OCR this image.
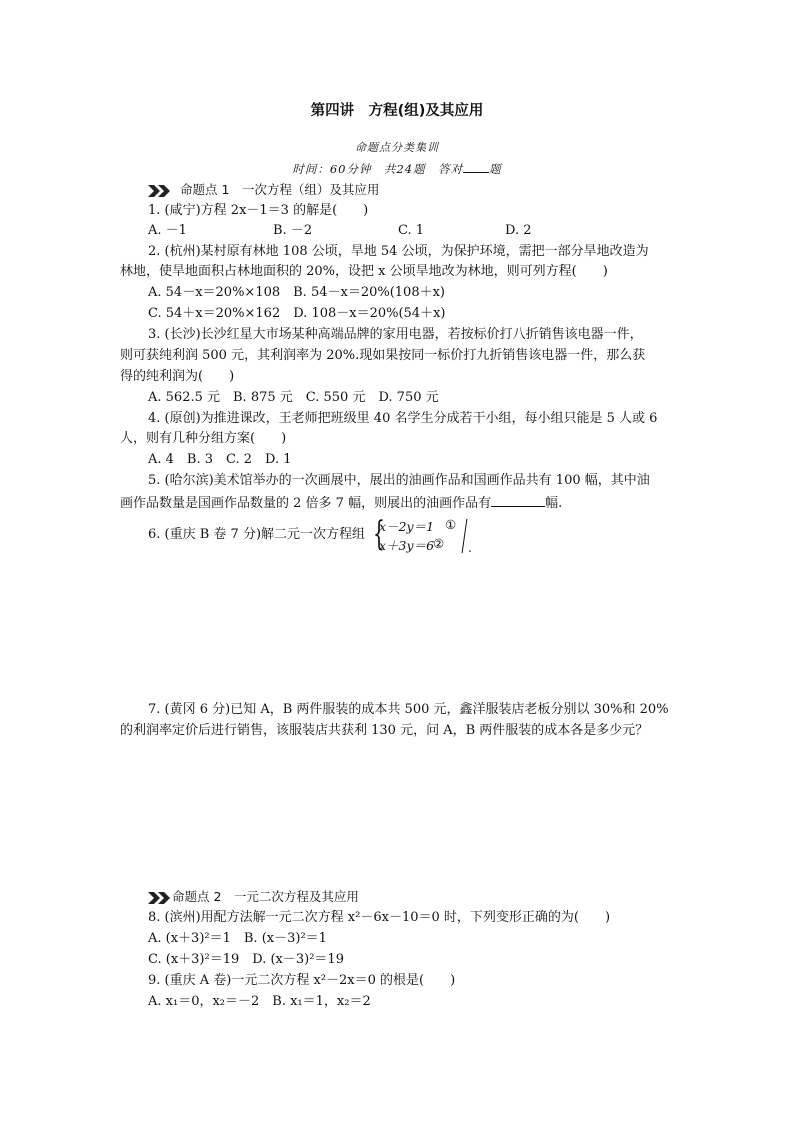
第四讲　方程(组)及其应用
命题点分类集训
时间：60分钟　共24题　答对 题
命题点 1　一次方程（组）及其应用
1. (咸宁)方程 2x－1＝3 的解是(　　)
A. －1	B. －2	C. 1	D. 2
2. (杭州)某村原有林地 108 公顷，旱地 54 公顷，为保护环境，需把一部分旱地改造为
林地，使旱地面积占林地面积的 20%，设把 x 公顷旱地改为林地，则可列方程(　　)
A. 54－x＝20%×108　B. 54－x＝20%(108＋x)
C. 54＋x＝20%×162　D. 108－x＝20%(54＋x)
3. (长沙)长沙红星大市场某种高端品牌的家用电器，若按标价打八折销售该电器一件，
则可获纯利润 500 元，其利润率为 20%.现如果按同一标价打九折销售该电器一件，那么获
得的纯利润为(　　)
A. 562.5 元　B. 875 元　C. 550 元　D. 750 元
4. (原创)为推进课改，王老师把班级里 40 名学生分成若干小组，每小组只能是 5 人或 6
人，则有几种分组方案(　　)
A. 4　B. 3　C. 2　D. 1
5. (哈尔滨)美术馆举办的一次画展中，展出的油画作品和国画作品共有 100 幅，其中油
画作品数量是国画作品数量的 2 倍多 7 幅，则展出的油画作品有	幅.
6. (重庆 B 卷 7 分)解二元一次方程组 {
x－2y＝1 ①
x＋3y＝6
② .
7. (黄冈 6 分)已知 A，B 两件服装的成本共 500 元，鑫洋服装店老板分别以 30%和 20%
的利润率定价后进行销售，该服装店共获利 130 元，问 A，B 两件服装的成本各是多少元？
命题点 2　一元二次方程及其应用
8. (滨州)用配方法解一元二次方程 x²－6x－10＝0 时，下列变形正确的为(　　)
A. (x＋3)²＝1　B. (x－3)²＝1
C. (x＋3)²＝19　D. (x－3)²＝19
9. (重庆 A 卷)一元二次方程 x²－2x＝0 的根是(　　)
A. x₁＝0，x₂＝－2　B. x₁＝1，x₂＝2
